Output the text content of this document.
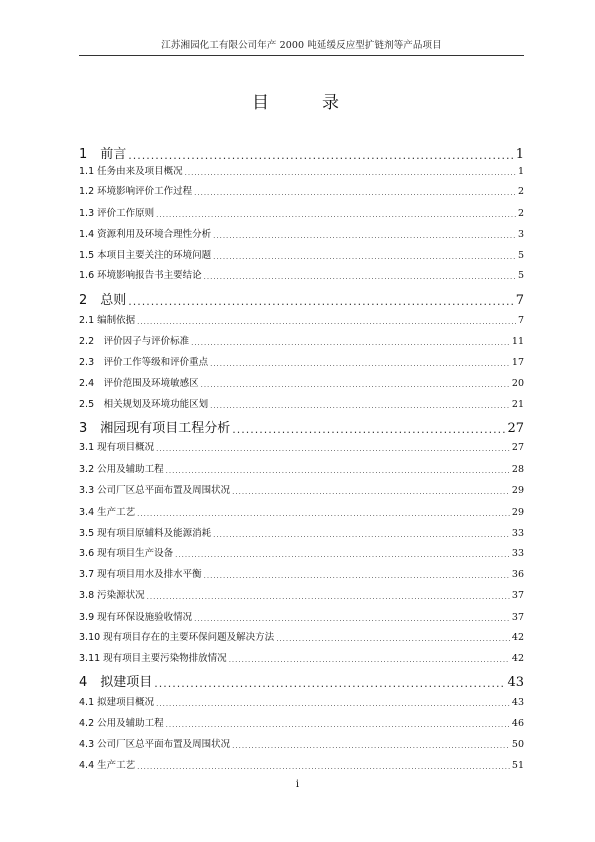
江苏湘园化工有限公司年产 2000 吨延缓反应型扩链剂等产品项目
目　录
1　前言 .....	1
1.1 任务由来及项目概况 .....	1
1.2 环境影响评价工作过程 .....	2
1.3 评价工作原则 .....	2
1.4 资源利用及环境合理性分析 .....	3
1.5 本项目主要关注的环境问题 .....	5
1.6 环境影响报告书主要结论 .....	5
2　总则 .....	7
2.1 编制依据 .....	7
2.2　评价因子与评价标准 .....	11
2.3　评价工作等级和评价重点 .....	17
2.4　评价范围及环境敏感区 .....	20
2.5　相关规划及环境功能区划 .....	21
3　湘园现有项目工程分析 .....	27
3.1 现有项目概况 .....	27
3.2 公用及辅助工程 .....	28
3.3 公司厂区总平面布置及周围状况 .....	29
3.4 生产工艺 .....	29
3.5 现有项目原辅料及能源消耗 .....	33
3.6 现有项目生产设备 .....	33
3.7 现有项目用水及排水平衡 .....	36
3.8 污染源状况 .....	37
3.9 现有环保设施验收情况 .....	37
3.10 现有项目存在的主要环保问题及解决方法 .....	42
3.11 现有项目主要污染物排放情况 .....	42
4　拟建项目 .....	43
4.1 拟建项目概况 .....	43
4.2 公用及辅助工程 .....	46
4.3 公司厂区总平面布置及周围状况 .....	50
4.4 生产工艺 .....	51
i
